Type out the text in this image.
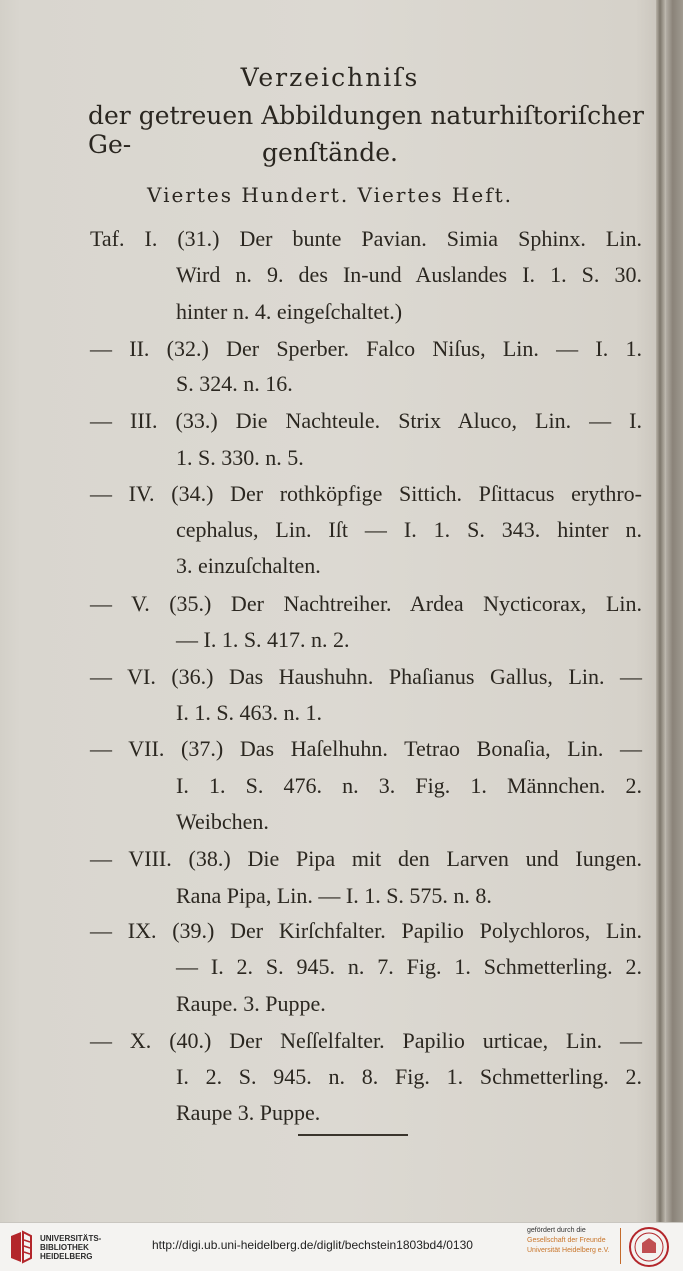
Verzeichniſs
der getreuen Abbildungen naturhiſtoriſcher Ge-	genſtände.
Viertes Hundert. Viertes Heft.
Taf. I. (31.) Der bunte Pavian. Simia Sphinx. Lin.
Wird n. 9. des In-und Auslandes I. 1. S. 30.
hinter n. 4. eingeſchaltet.)
— II. (32.) Der Sperber. Falco Niſus, Lin. — I. 1.
S. 324. n. 16.
— III. (33.) Die Nachteule. Strix Aluco, Lin. — I.
1. S. 330. n. 5.
— IV. (34.) Der rothköpfige Sittich. Pſittacus erythro-
cephalus, Lin. Iſt — I. 1. S. 343. hinter n.
3. einzuſchalten.
— V. (35.) Der Nachtreiher. Ardea Nycticorax, Lin.
— I. 1. S. 417. n. 2.
— VI. (36.) Das Haushuhn. Phaſianus Gallus, Lin. —
I. 1. S. 463. n. 1.
— VII. (37.) Das Haſelhuhn. Tetrao Bonaſia, Lin. —
I. 1. S. 476. n. 3. Fig. 1. Männchen. 2.
Weibchen.
— VIII. (38.) Die Pipa mit den Larven und Iungen.
Rana Pipa, Lin. — I. 1. S. 575. n. 8.
— IX. (39.) Der Kirſchfalter. Papilio Polychloros, Lin.
— I. 2. S. 945. n. 7. Fig. 1. Schmetterling. 2.
Raupe. 3. Puppe.
— X. (40.) Der Neſſelfalter. Papilio urticae, Lin. —
I. 2. S. 945. n. 8. Fig. 1. Schmetterling. 2.
Raupe 3. Puppe.
UNIVERSITÄTS-
BIBLIOTHEK
HEIDELBERG
http://digi.ub.uni-heidelberg.de/diglit/bechstein1803bd4/0130
gefördert durch die
Gesellschaft der Freunde
Universität Heidelberg e.V.
